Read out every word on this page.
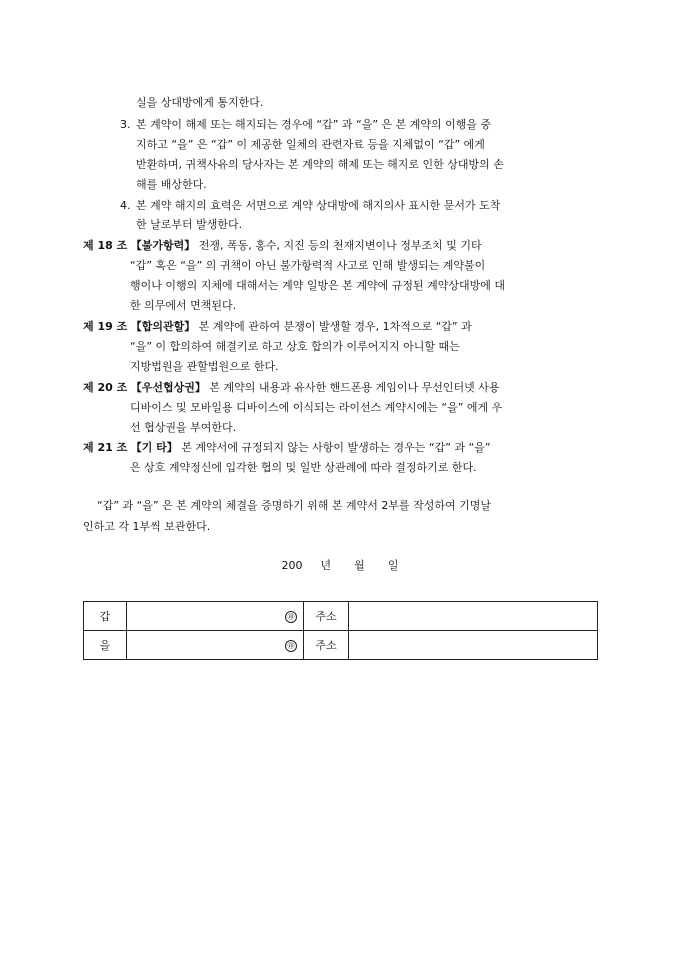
실을 상대방에게 통지한다.
3. 본 계약이 해제 또는 해지되는 경우에 “갑” 과 “을” 은 본 계약의 이행을 중
지하고 “을” 은 “갑” 이 제공한 일체의 관련자료 등을 지체없이 “갑” 에게
반환하며, 귀책사유의 당사자는 본 계약의 해제 또는 해지로 인한 상대방의 손
해를 배상한다.
4. 본 계약 해지의 효력은 서면으로 계약 상대방에 해지의사 표시한 문서가 도착
한 날로부터 발생한다.
제 18 조 【불가항력】 전쟁, 폭동, 홍수, 지진 등의 천재지변이나 정부조치 및 기타
“갑” 혹은 “을” 의 귀책이 아닌 불가항력적 사고로 인해 발생되는 계약불이
행이나 이행의 지체에 대해서는 계약 일방은 본 계약에 규정된 계약상대방에 대
한 의무에서 면책된다.
제 19 조 【합의관할】 본 계약에 관하여 분쟁이 발생할 경우, 1차적으로 “갑” 과
“을” 이 합의하여 해결키로 하고 상호 합의가 이루어지지 아니할 때는
지방법원을 관할법원으로 한다.
제 20 조 【우선협상권】 본 계약의 내용과 유사한 핸드폰용 게임이나 무선인터넷 사용
디바이스 및 모바일용 디바이스에 이식되는 라이선스 계약시에는 “을” 에게 우
선 협상권을 부여한다.
제 21 조 【기 타】 본 계약서에 규정되지 않는 사항이 발생하는 경우는 “갑” 과 “을”
은 상호 계약정신에 입각한 협의 및 일반 상관례에 따라 결정하기로 한다.
“갑” 과 “을” 은 본 계약의 체결을 증명하기 위해 본 계약서 2부를 작성하여 기명날
인하고 각 1부씩 보관한다.
200 년 월 일
갑	㊞	주소	
을	㊞	주소	
